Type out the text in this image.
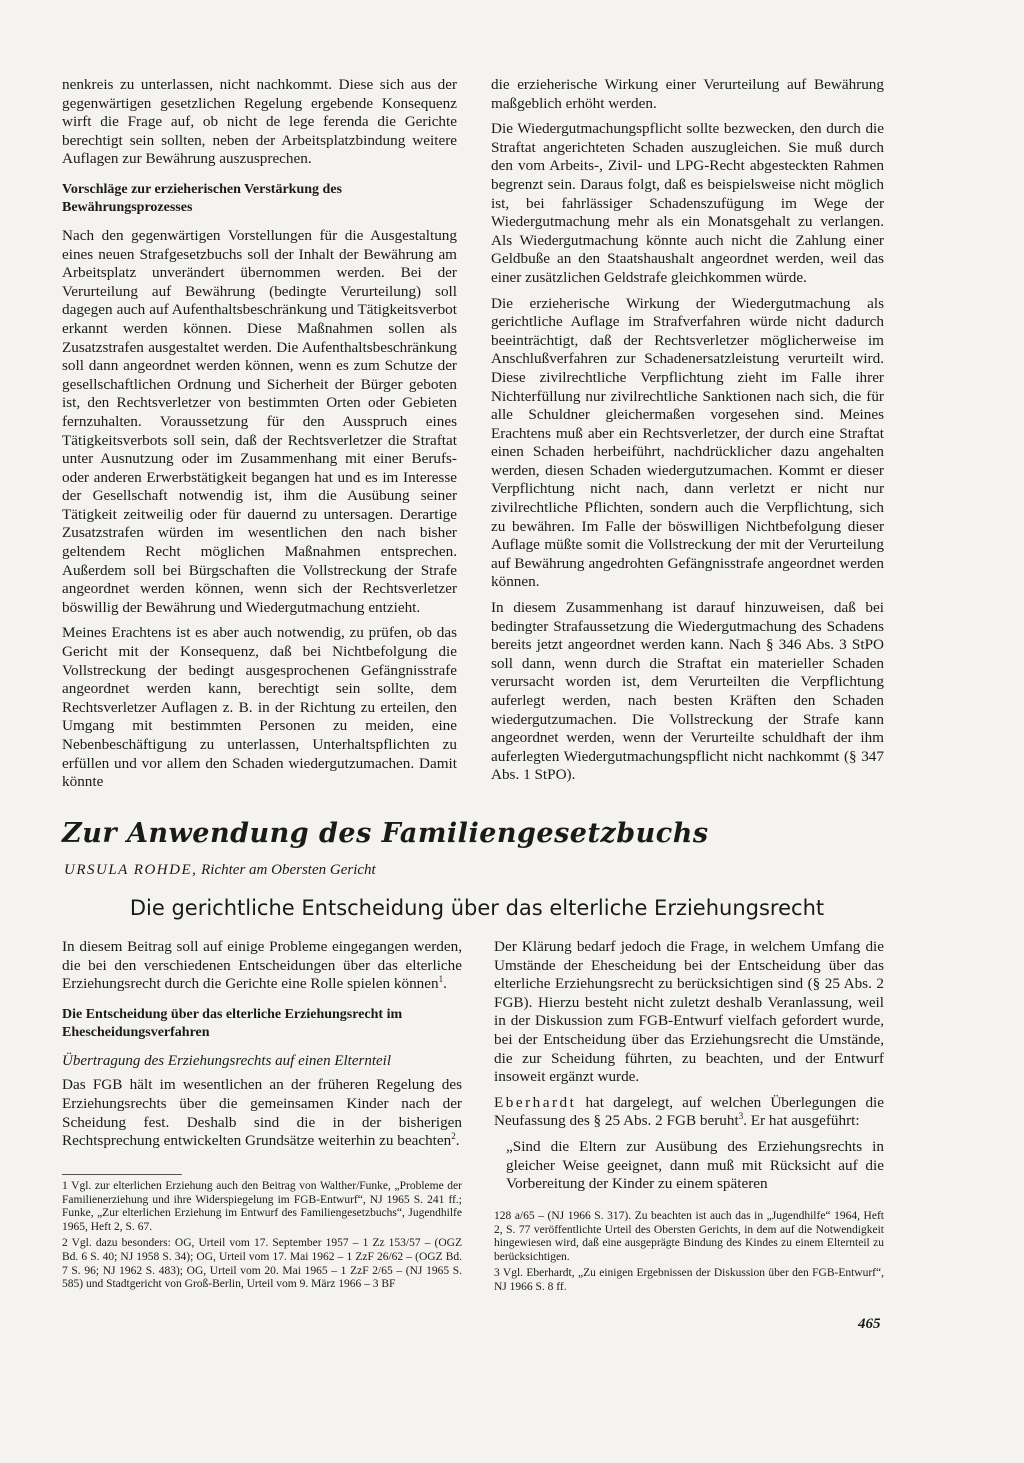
nenkreis zu unterlassen, nicht nachkommt. Diese sich aus der gegenwärtigen gesetzlichen Regelung ergebende Konsequenz wirft die Frage auf, ob nicht de lege ferenda die Gerichte berechtigt sein sollten, neben der Arbeitsplatzbindung weitere Auflagen zur Bewährung auszusprechen.

Vorschläge zur erzieherischen Verstärkung des Bewährungsprozesses

Nach den gegenwärtigen Vorstellungen für die Ausgestaltung eines neuen Strafgesetzbuchs soll der Inhalt der Bewährung am Arbeitsplatz unverändert übernommen werden. Bei der Verurteilung auf Bewährung (bedingte Verurteilung) soll dagegen auch auf Aufenthaltsbeschränkung und Tätigkeitsverbot erkannt werden können. Diese Maßnahmen sollen als Zusatzstrafen ausgestaltet werden. Die Aufenthaltsbeschränkung soll dann angeordnet werden können, wenn es zum Schutze der gesellschaftlichen Ordnung und Sicherheit der Bürger geboten ist, den Rechtsverletzer von bestimmten Orten oder Gebieten fernzuhalten. Voraussetzung für den Ausspruch eines Tätigkeitsverbots soll sein, daß der Rechtsverletzer die Straftat unter Ausnutzung oder im Zusammenhang mit einer Berufs- oder anderen Erwerbstätigkeit begangen hat und es im Interesse der Gesellschaft notwendig ist, ihm die Ausübung seiner Tätigkeit zeitweilig oder für dauernd zu untersagen. Derartige Zusatzstrafen würden im wesentlichen den nach bisher geltendem Recht möglichen Maßnahmen entsprechen. Außerdem soll bei Bürgschaften die Vollstreckung der Strafe angeordnet werden können, wenn sich der Rechtsverletzer böswillig der Bewährung und Wiedergutmachung entzieht.

Meines Erachtens ist es aber auch notwendig, zu prüfen, ob das Gericht mit der Konsequenz, daß bei Nichtbefolgung die Vollstreckung der bedingt ausgesprochenen Gefängnisstrafe angeordnet werden kann, berechtigt sein sollte, dem Rechtsverletzer Auflagen z. B. in der Richtung zu erteilen, den Umgang mit bestimmten Personen zu meiden, eine Nebenbeschäftigung zu unterlassen, Unterhaltspflichten zu erfüllen und vor allem den Schaden wiedergutzumachen. Damit könnte

die erzieherische Wirkung einer Verurteilung auf Bewährung maßgeblich erhöht werden.

Die Wiedergutmachungspflicht sollte bezwecken, den durch die Straftat angerichteten Schaden auszugleichen. Sie muß durch den vom Arbeits-, Zivil- und LPG-Recht abgesteckten Rahmen begrenzt sein. Daraus folgt, daß es beispielsweise nicht möglich ist, bei fahrlässiger Schadenszufügung im Wege der Wiedergutmachung mehr als ein Monatsgehalt zu verlangen. Als Wiedergutmachung könnte auch nicht die Zahlung einer Geldbuße an den Staatshaushalt angeordnet werden, weil das einer zusätzlichen Geldstrafe gleichkommen würde.

Die erzieherische Wirkung der Wiedergutmachung als gerichtliche Auflage im Strafverfahren würde nicht dadurch beeinträchtigt, daß der Rechtsverletzer möglicherweise im Anschlußverfahren zur Schadenersatzleistung verurteilt wird. Diese zivilrechtliche Verpflichtung zieht im Falle ihrer Nichterfüllung nur zivilrechtliche Sanktionen nach sich, die für alle Schuldner gleichermaßen vorgesehen sind. Meines Erachtens muß aber ein Rechtsverletzer, der durch eine Straftat einen Schaden herbeiführt, nachdrücklicher dazu angehalten werden, diesen Schaden wiedergutzumachen. Kommt er dieser Verpflichtung nicht nach, dann verletzt er nicht nur zivilrechtliche Pflichten, sondern auch die Verpflichtung, sich zu bewähren. Im Falle der böswilligen Nichtbefolgung dieser Auflage müßte somit die Vollstreckung der mit der Verurteilung auf Bewährung angedrohten Gefängnisstrafe angeordnet werden können.

In diesem Zusammenhang ist darauf hinzuweisen, daß bei bedingter Strafaussetzung die Wiedergutmachung des Schadens bereits jetzt angeordnet werden kann. Nach § 346 Abs. 3 StPO soll dann, wenn durch die Straftat ein materieller Schaden verursacht worden ist, dem Verurteilten die Verpflichtung auferlegt werden, nach besten Kräften den Schaden wiedergutzumachen. Die Vollstreckung der Strafe kann angeordnet werden, wenn der Verurteilte schuldhaft der ihm auferlegten Wiedergutmachungspflicht nicht nachkommt (§ 347 Abs. 1 StPO).

Zur Anwendung des Familiengesetzbuchs
URSULA ROHDE, Richter am Obersten Gericht
Die gerichtliche Entscheidung über das elterliche Erziehungsrecht

In diesem Beitrag soll auf einige Probleme eingegangen werden, die bei den verschiedenen Entscheidungen über das elterliche Erziehungsrecht durch die Gerichte eine Rolle spielen können$^1$.

Die Entscheidung über das elterliche Erziehungsrecht im Ehescheidungsverfahren
Übertragung des Erziehungsrechts auf einen Elternteil

Das FGB hält im wesentlichen an der früheren Regelung des Erziehungsrechts über die gemeinsamen Kinder nach der Scheidung fest. Deshalb sind die in der bisherigen Rechtsprechung entwickelten Grundsätze weiterhin zu beachten$^2$.

Der Klärung bedarf jedoch die Frage, in welchem Umfang die Umstände der Ehescheidung bei der Entscheidung über das elterliche Erziehungsrecht zu berücksichtigen sind (§ 25 Abs. 2 FGB). Hierzu besteht nicht zuletzt deshalb Veranlassung, weil in der Diskussion zum FGB-Entwurf vielfach gefordert wurde, bei der Entscheidung über das Erziehungsrecht die Umstände, die zur Scheidung führten, zu beachten, und der Entwurf insoweit ergänzt wurde.

Eberhardt hat dargelegt, auf welchen Überlegungen die Neufassung des § 25 Abs. 2 FGB beruht$^3$. Er hat ausgeführt:

„Sind die Eltern zur Ausübung des Erziehungsrechts in gleicher Weise geeignet, dann muß mit Rücksicht auf die Vorbereitung der Kinder zu einem späteren

1 Vgl. zur elterlichen Erziehung auch den Beitrag von Walther/Funke, „Probleme der Familienerziehung und ihre Widerspiegelung im FGB-Entwurf“, NJ 1965 S. 241 ff.; Funke, „Zur elterlichen Erziehung im Entwurf des Familiengesetzbuchs“, Jugendhilfe 1965, Heft 2, S. 67.

2 Vgl. dazu besonders: OG, Urteil vom 17. September 1957 – 1 Zz 153/57 – (OGZ Bd. 6 S. 40; NJ 1958 S. 34); OG, Urteil vom 17. Mai 1962 – 1 ZzF 26/62 – (OGZ Bd. 7 S. 96; NJ 1962 S. 483); OG, Urteil vom 20. Mai 1965 – 1 ZzF 2/65 – (NJ 1965 S. 585) und Stadtgericht von Groß-Berlin, Urteil vom 9. März 1966 – 3 BF

128 a/65 – (NJ 1966 S. 317). Zu beachten ist auch das in „Jugendhilfe“ 1964, Heft 2, S. 77 veröffentlichte Urteil des Obersten Gerichts, in dem auf die Notwendigkeit hingewiesen wird, daß eine ausgeprägte Bindung des Kindes zu einem Elternteil zu berücksichtigen.

3 Vgl. Eberhardt, „Zu einigen Ergebnissen der Diskussion über den FGB-Entwurf“, NJ 1966 S. 8 ff.

465
